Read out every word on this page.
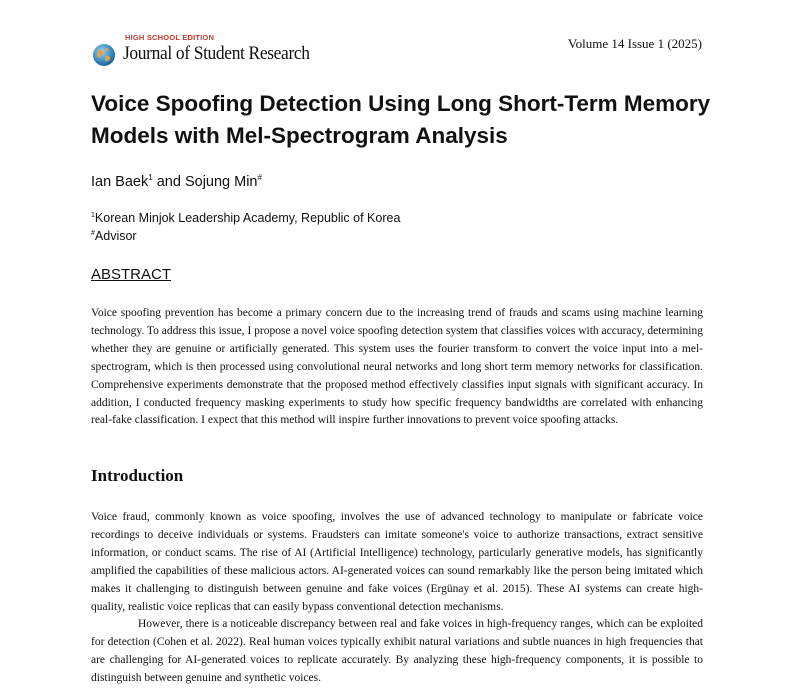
HIGH SCHOOL EDITION
Journal of Student Research	Volume 14 Issue 1 (2025)
Voice Spoofing Detection Using Long Short-Term Memory Models with Mel-Spectrogram Analysis
Ian Baek$^1$ and Sojung Min#
$^1$Korean Minjok Leadership Academy, Republic of Korea
#Advisor
ABSTRACT

Voice spoofing prevention has become a primary concern due to the increasing trend of frauds and scams using machine learning technology. To address this issue, I propose a novel voice spoofing detection system that classifies voices with accuracy, determining whether they are genuine or artificially generated. This system uses the fourier transform to convert the voice input into a mel-spectrogram, which is then processed using convolutional neural networks and long short term memory networks for classification. Comprehensive experiments demonstrate that the proposed method effectively classifies input signals with significant accuracy. In addition, I conducted frequency masking experiments to study how specific frequency bandwidths are correlated with enhancing real-fake classification. I expect that this method will inspire further innovations to prevent voice spoofing attacks.

Introduction

Voice fraud, commonly known as voice spoofing, involves the use of advanced technology to manipulate or fabricate voice recordings to deceive individuals or systems. Fraudsters can imitate someone's voice to authorize transactions, extract sensitive information, or conduct scams. The rise of AI (Artificial Intelligence) technology, particularly generative models, has significantly amplified the capabilities of these malicious actors. AI-generated voices can sound remarkably like the person being imitated which makes it challenging to distinguish between genuine and fake voices (Ergünay et al. 2015). These AI systems can create high-quality, realistic voice replicas that can easily bypass conventional detection mechanisms.

However, there is a noticeable discrepancy between real and fake voices in high-frequency ranges, which can be exploited for detection (Cohen et al. 2022). Real human voices typically exhibit natural variations and subtle nuances in high frequencies that are challenging for AI-generated voices to replicate accurately. By analyzing these high-frequency components, it is possible to distinguish between genuine and synthetic voices.
